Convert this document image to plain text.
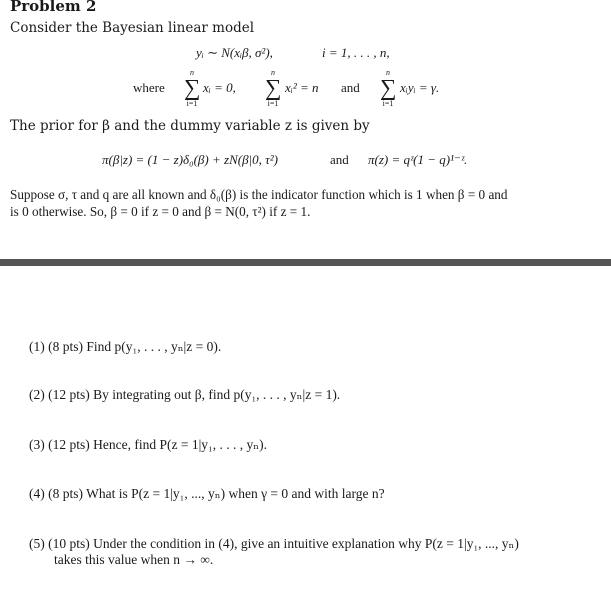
Problem 2
Consider the Bayesian linear model
yᵢ ∼ N(xᵢβ, σ²),	i = 1, . . . , n,
where
n
∑
i=1
xᵢ = 0,
n
∑
i=1
xᵢ² = n and
n
∑
i=1
xᵢyᵢ = γ.
The prior for β and the dummy variable z is given by
π(β|z) = (1 − z)δ₀(β) + zN(β|0, τ²)	and π(z) = qᶻ(1 − q)¹⁻ᶻ.
Suppose σ, τ and q are all known and δ₀(β) is the indicator function which is 1 when β = 0 and
is 0 otherwise. So, β = 0 if z = 0 and β = N(0, τ²) if z = 1.
(1) (8 pts) Find p(y₁, . . . , yₙ|z = 0).
(2) (12 pts) By integrating out β, find p(y₁, . . . , yₙ|z = 1).
(3) (12 pts) Hence, find P(z = 1|y₁, . . . , yₙ).
(4) (8 pts) What is P(z = 1|y₁, ..., yₙ) when γ = 0 and with large n?
(5) (10 pts) Under the condition in (4), give an intuitive explanation why P(z = 1|y₁, ..., yₙ)
takes this value when n → ∞.
